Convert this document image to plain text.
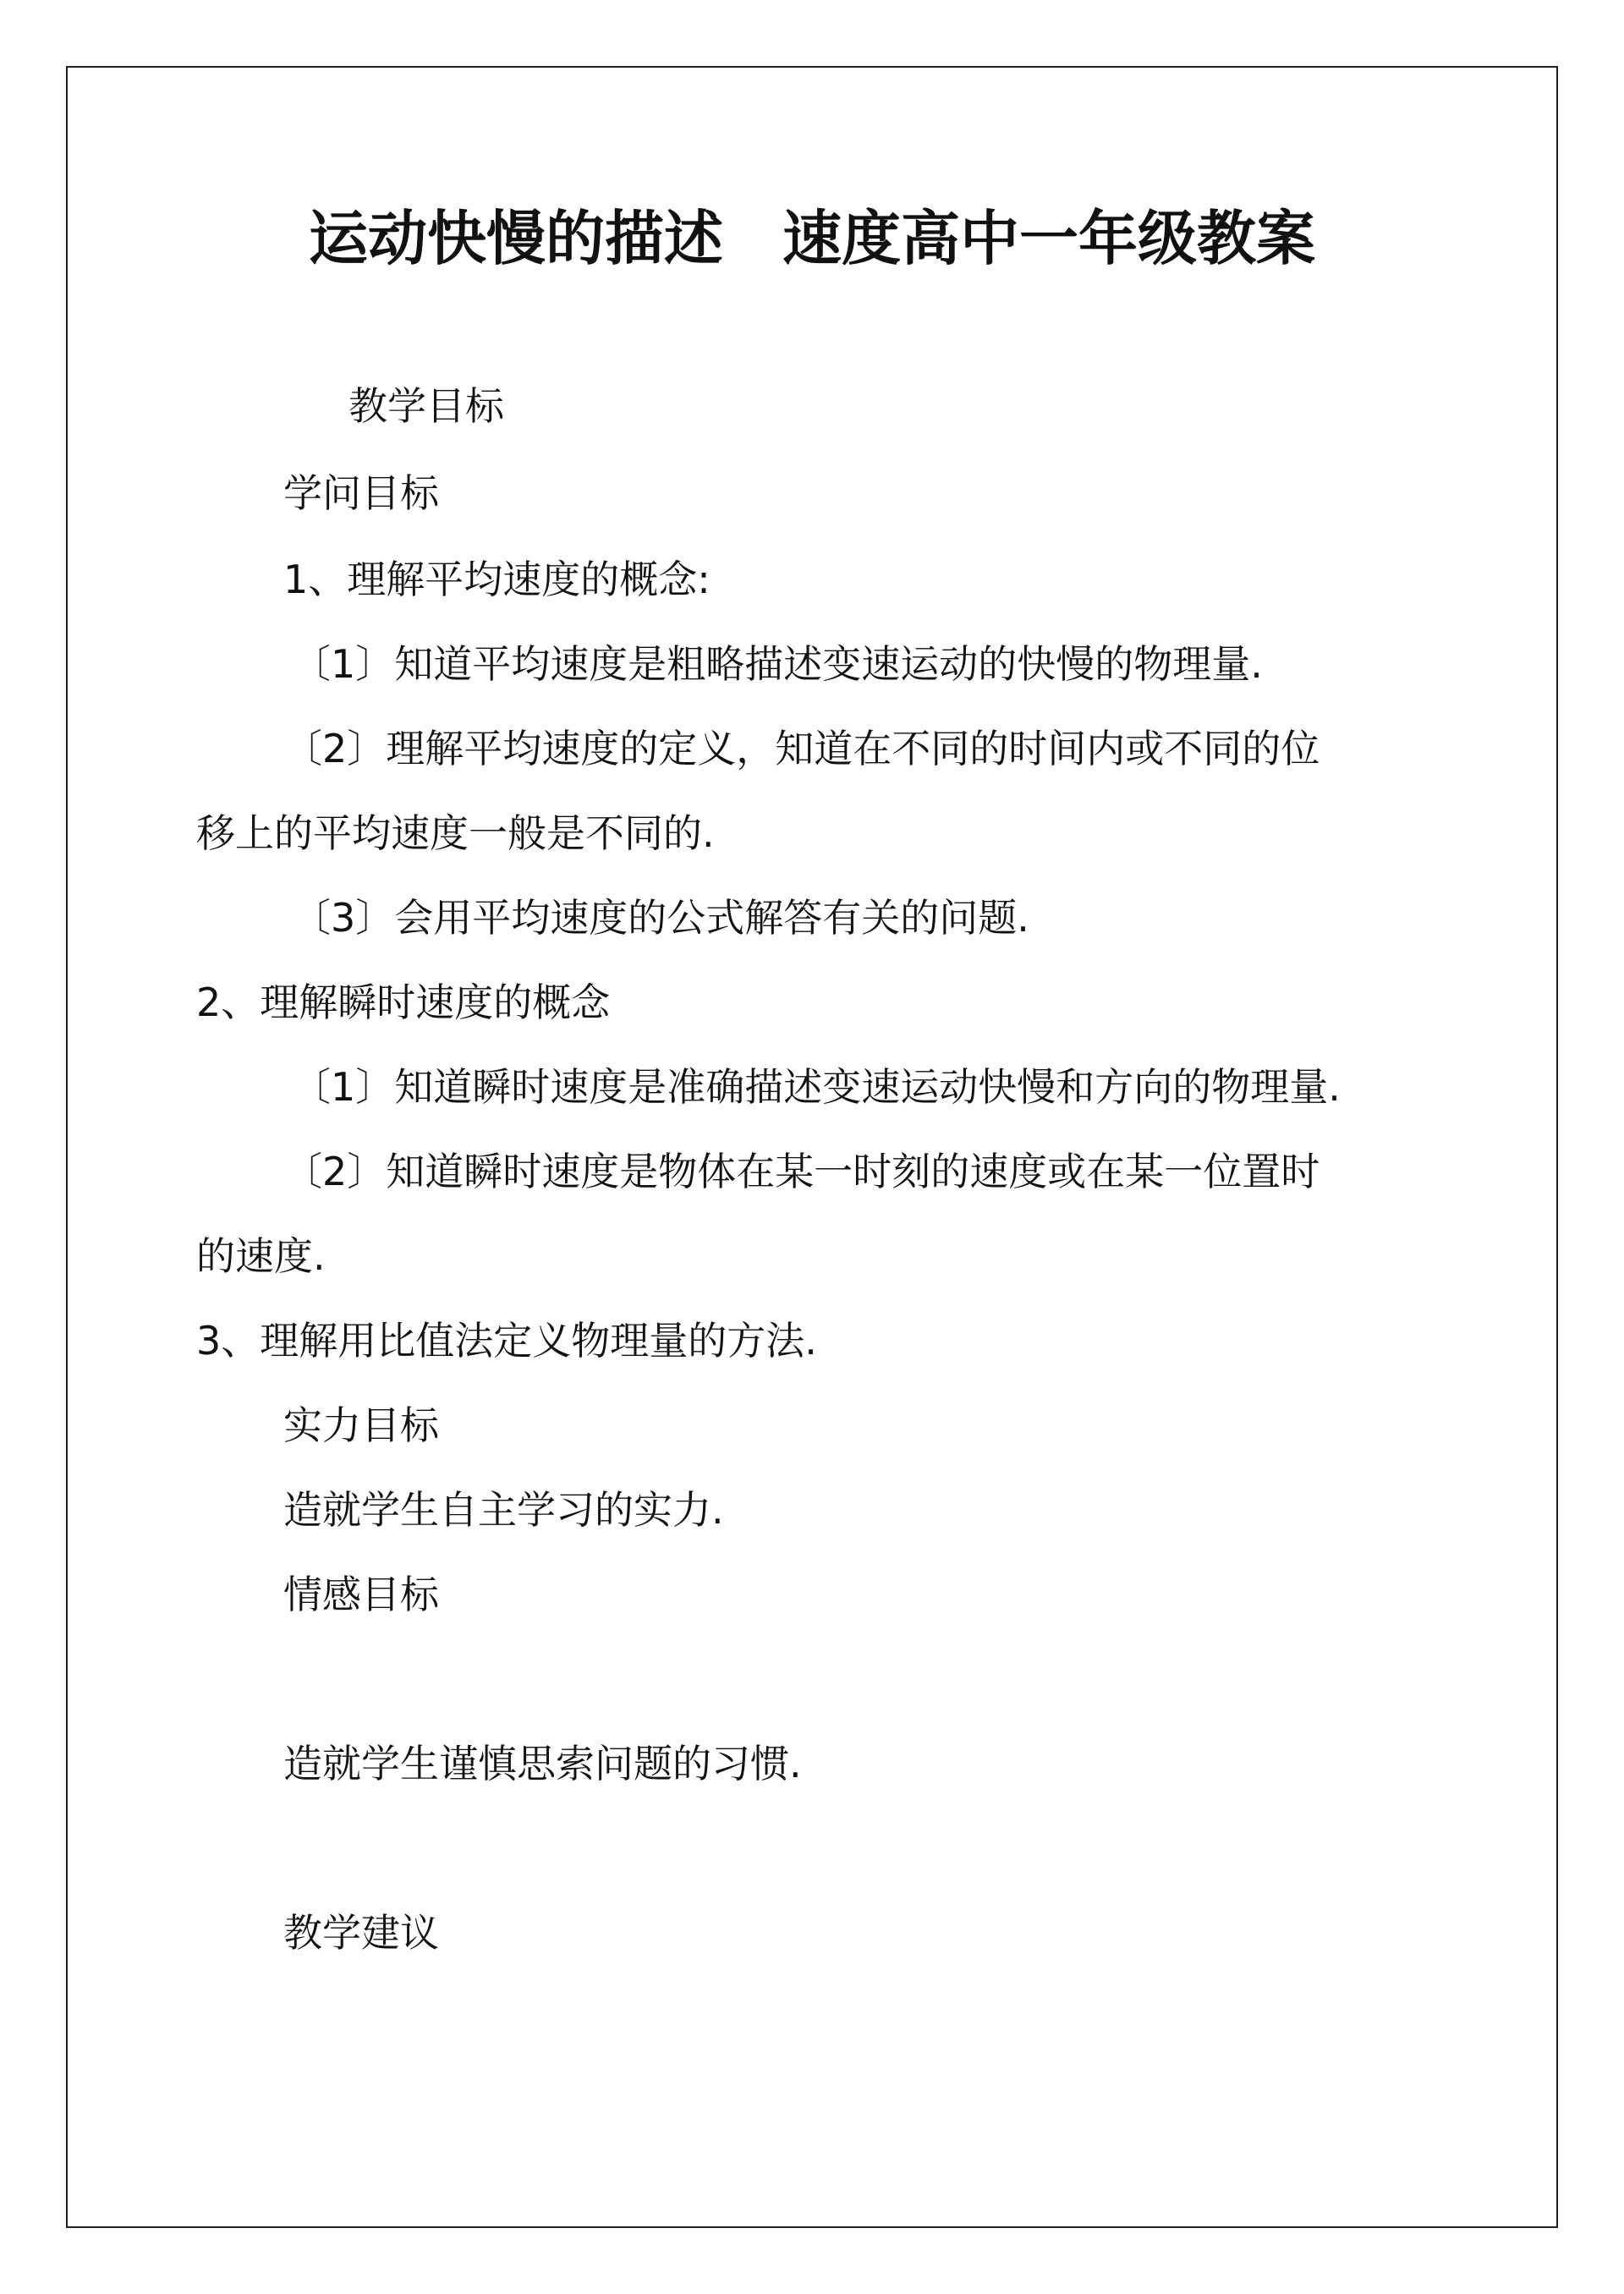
运动快慢的描述　速度高中一年级教案
教学目标
学问目标
1、理解平均速度的概念:
〔1〕知道平均速度是粗略描述变速运动的快慢的物理量.
〔2〕理解平均速度的定义，知道在不同的时间内或不同的位
移上的平均速度一般是不同的.
〔3〕会用平均速度的公式解答有关的问题.
2、理解瞬时速度的概念
〔1〕知道瞬时速度是准确描述变速运动快慢和方向的物理量.
〔2〕知道瞬时速度是物体在某一时刻的速度或在某一位置时
的速度.
3、理解用比值法定义物理量的方法.
实力目标
造就学生自主学习的实力.
情感目标
造就学生谨慎思索问题的习惯.
教学建议
